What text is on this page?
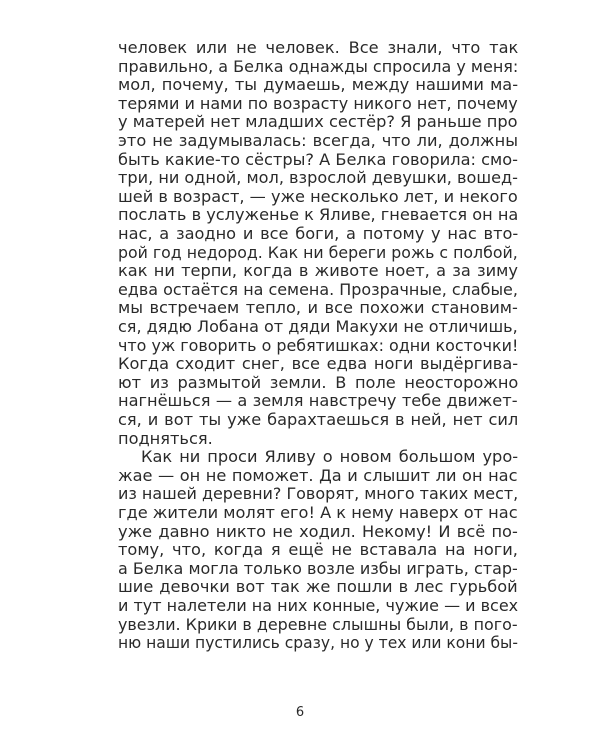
человек или не человек. Все знали, что так
правильно, а Белка однажды спросила у меня:
мол, почему, ты думаешь, между нашими ма-
терями и нами по возрасту никого нет, почему
у матерей нет младших сестёр? Я раньше про
это не задумывалась: всегда, что ли, должны
быть какие-то сёстры? А Белка говорила: смо-
три, ни одной, мол, взрослой девушки, вошед-
шей в возраст, — уже несколько лет, и некого
послать в услуженье к Яливе, гневается он на
нас, а заодно и все боги, а потому у нас вто-
рой год недород. Как ни береги рожь с полбой,
как ни терпи, когда в животе ноет, а за зиму
едва остаётся на семена. Прозрачные, слабые,
мы встречаем тепло, и все похожи становим-
ся, дядю Лобана от дяди Макухи не отличишь,
что уж говорить о ребятишках: одни косточки!
Когда сходит снег, все едва ноги выдёргива-
ют из размытой земли. В поле неосторожно
нагнёшься — а земля навстречу тебе движет-
ся, и вот ты уже барахтаешься в ней, нет сил
подняться.
Как ни проси Яливу о новом большом уро-
жае — он не поможет. Да и слышит ли он нас
из нашей деревни? Говорят, много таких мест,
где жители молят его! А к нему наверх от нас
уже давно никто не ходил. Некому! И всё по-
тому, что, когда я ещё не вставала на ноги,
а Белка могла только возле избы играть, стар-
шие девочки вот так же пошли в лес гурьбой
и тут налетели на них конные, чужие — и всех
увезли. Крики в деревне слышны были, в пого-
ню наши пустились сразу, но у тех или кони бы-
6
